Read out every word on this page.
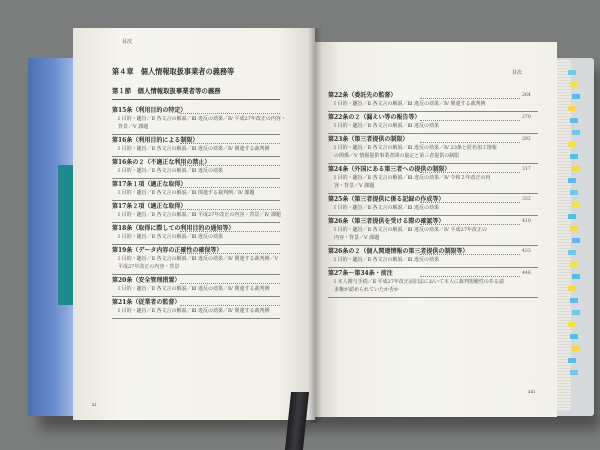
目次
第４章　個人情報取扱事業者の義務等
第１節　個人情報取扱事業者等の義務
第15条（利用目的の特定）
Ⅰ 目的・趣旨／Ⅱ 各文言の解説／Ⅲ 違反の効果／Ⅳ 平成27年改正の内容・
背景／Ⅴ 課題
第16条（利用目的による制限）
Ⅰ 目的・趣旨／Ⅱ 各文言の解説／Ⅲ 違反の効果／Ⅳ 関連する裁判例
第16条の２（不適正な利用の禁止）
Ⅰ 目的・趣旨／Ⅱ 各文言の解説／Ⅲ 違反の効果
第17条１項（適正な取得）
Ⅰ 目的・趣旨／Ⅱ 各文言の解説／Ⅲ 関連する裁判例／Ⅳ 課題
第17条２項（適正な取得）
Ⅰ 目的・趣旨／Ⅱ 各文言の解説／Ⅲ 平成27年改正の内容・背景／Ⅳ 課題
第18条（取得に際しての利用目的の通知等）
Ⅰ 目的・趣旨／Ⅱ 各文言の解説／Ⅲ 違反の効果
第19条（データ内容の正確性の確保等）
Ⅰ 目的・趣旨／Ⅱ 各文言の解説／Ⅲ 違反の効果／Ⅳ 関連する裁判例／Ⅴ
平成27年改正の内容・背景
第20条（安全管理措置）
Ⅰ 目的・趣旨／Ⅱ 各文言の解説／Ⅲ 違反の効果／Ⅳ 関連する裁判例
第21条（従業者の監督）
Ⅰ 目的・趣旨／Ⅱ 各文言の解説／Ⅲ 違反の効果／Ⅳ 関連する裁判例
xi
目次
第22条（委託先の監督）	264
Ⅰ 目的・趣旨／Ⅱ 各文言の解説／Ⅲ 違反の効果／Ⅳ 関連する裁判例
第22条の２（漏えい等の報告等）	270
Ⅰ 目的・趣旨／Ⅱ 各文言の解説／Ⅲ 違反の効果
第23条（第三者提供の制限）	292
Ⅰ 目的・趣旨／Ⅱ 各文言の解説／Ⅲ 違反の効果／Ⅳ 23条と匿名加工情報
の関係／Ⅴ 情報提供事業者間の協定と第三者提供の制限
第24条（外国にある第三者への提供の制限）	317
Ⅰ 目的・趣旨／Ⅱ 各文言の解説／Ⅲ 違反の効果／Ⅳ 令和２年改正の内
容・背景／Ⅴ 課題
第25条（第三者提供に係る記録の作成等）	332
Ⅰ 目的・趣旨／Ⅱ 各文言の解説／Ⅲ 違反の効果
第26条（第三者提供を受ける際の確認等）	410
Ⅰ 目的・趣旨／Ⅱ 各文言の解説／Ⅲ 違反の効果／Ⅳ 平成27年改正の
内容・背景／Ⅴ 課題
第26条の２（個人関連情報の第三者提供の制限等）	433
Ⅰ 目的・趣旨／Ⅱ 各文言の解説／Ⅲ 違反の効果
第27条〜第34条・前注	446
Ⅰ 本人関与手続／Ⅱ 平成27年改正前旧法において本人に裁判規範性のある請
求権が認められていたか否か
xiii
